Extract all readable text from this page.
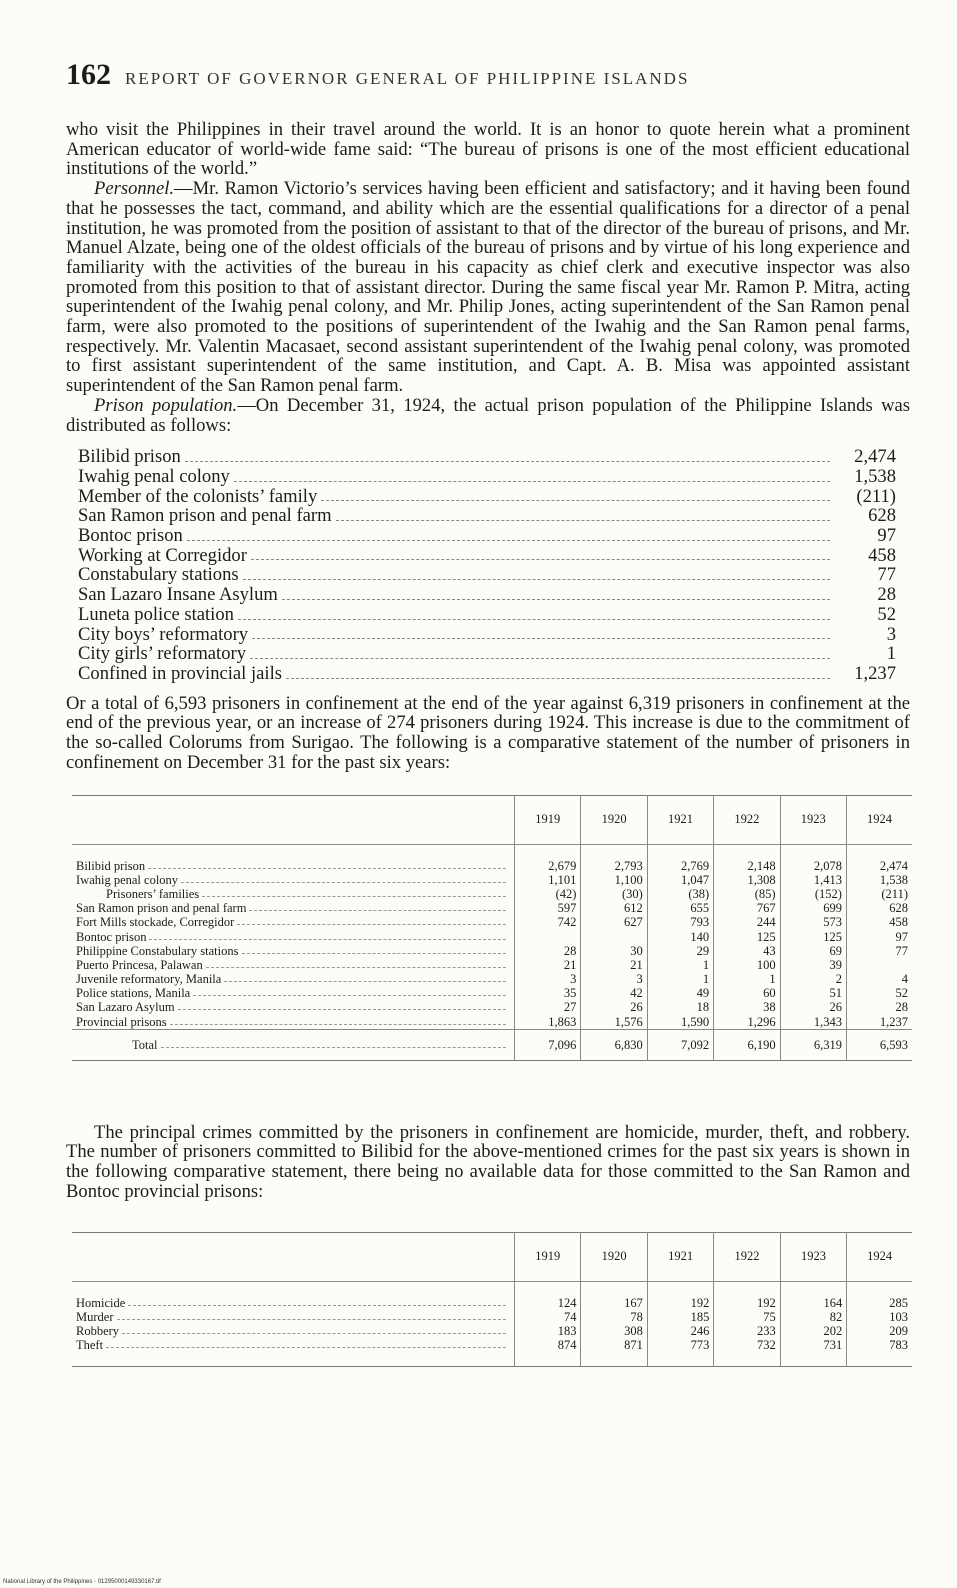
162 REPORT OF GOVERNOR GENERAL OF PHILIPPINE ISLANDS

who visit the Philippines in their travel around the world. It is an honor to quote herein what a prominent American educator of world-wide fame said: “The bureau of prisons is one of the most efficient educational institutions of the world.”

Personnel.—Mr. Ramon Victorio’s services having been efficient and satisfactory; and it having been found that he possesses the tact, command, and ability which are the essential qualifications for a director of a penal institution, he was promoted from the position of assistant to that of the director of the bureau of prisons, and Mr. Manuel Alzate, being one of the oldest officials of the bureau of prisons and by virtue of his long experience and familiarity with the activities of the bureau in his capacity as chief clerk and executive inspector was also promoted from this position to that of assistant director. During the same fiscal year Mr. Ramon P. Mitra, acting superintendent of the Iwahig penal colony, and Mr. Philip Jones, acting superintendent of the San Ramon penal farm, were also promoted to the positions of superintendent of the Iwahig and the San Ramon penal farms, respectively. Mr. Valentin Macasaet, second assistant superintendent of the Iwahig penal colony, was promoted to first assistant superintendent of the same institution, and Capt. A. B. Misa was appointed assistant superintendent of the San Ramon penal farm.

Prison population.—On December 31, 1924, the actual prison population of the Philippine Islands was distributed as follows:

Bilibid prison	2,474
Iwahig penal colony	1,538
Member of the colonists’ family	(211)
San Ramon prison and penal farm	628
Bontoc prison	97
Working at Corregidor	458
Constabulary stations	77
San Lazaro Insane Asylum	28
Luneta police station	52
City boys’ reformatory	3
City girls’ reformatory	1
Confined in provincial jails	1,237

Or a total of 6,593 prisoners in confinement at the end of the year against 6,319 prisoners in confinement at the end of the previous year, or an increase of 274 prisoners during 1924. This increase is due to the commitment of the so-called Colorums from Surigao. The following is a comparative statement of the number of prisoners in confinement on December 31 for the past six years:

	1919	1920	1921	1922	1923	1924

Bilibid prison	2,679	2,793	2,769	2,148	2,078	2,474

Iwahig penal colony	1,101	1,100	1,047	1,308	1,413	1,538

Prisoners’ families	(42)	(30)	(38)	(85)	(152)	(211)

San Ramon prison and penal farm	597	612	655	767	699	628

Fort Mills stockade, Corregidor	742	627	793	244	573	458

Bontoc prison			140	125	125	97

Philippine Constabulary stations	28	30	29	43	69	77

Puerto Princesa, Palawan	21	21	1	100	39	

Juvenile reformatory, Manila	3	3	1	1	2	4

Police stations, Manila	35	42	49	60	51	52

San Lazaro Asylum	27	26	18	38	26	28

Provincial prisons	1,863	1,576	1,590	1,296	1,343	1,237

Total	7,096	6,830	7,092	6,190	6,319	6,593

The principal crimes committed by the prisoners in confinement are homicide, murder, theft, and robbery. The number of prisoners committed to Bilibid for the above-mentioned crimes for the past six years is shown in the following comparative statement, there being no available data for those committed to the San Ramon and Bontoc provincial prisons:

	1919	1920	1921	1922	1923	1924

Homicide	124	167	192	192	164	285

Murder	74	78	185	75	82	103

Robbery	183	308	246	233	202	209

Theft	874	871	773	732	731	783

National Library of the Philippines · 01295000149330167.tif
